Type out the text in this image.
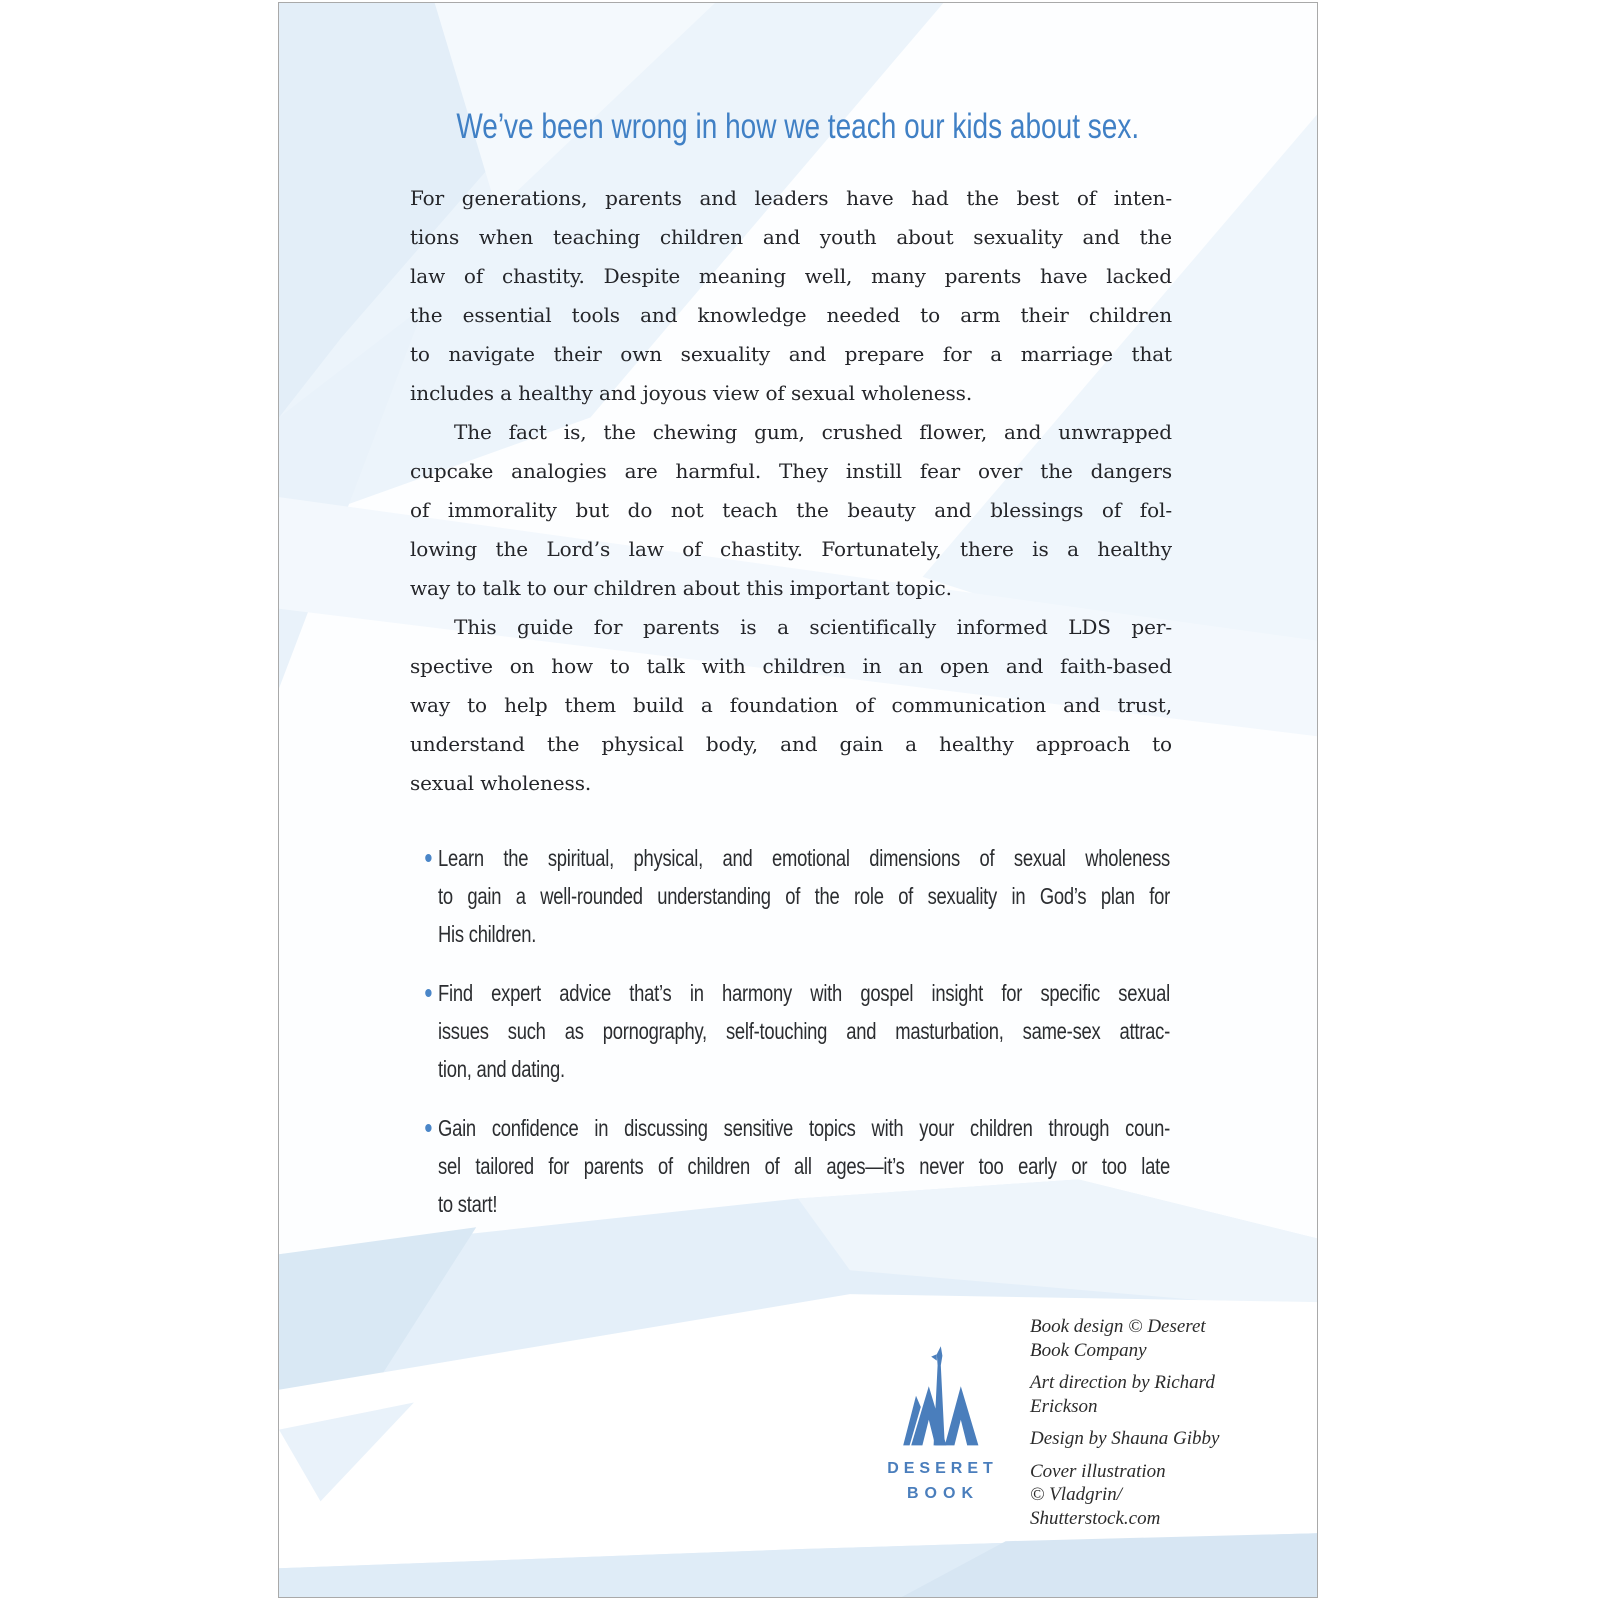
We’ve been wrong in how we teach our kids about sex.
For generations, parents and leaders have had the best of inten-
tions when teaching children and youth about sexuality and the
law of chastity. Despite meaning well, many parents have lacked
the essential tools and knowledge needed to arm their children
to navigate their own sexuality and prepare for a marriage that
includes a healthy and joyous view of sexual wholeness.
The fact is, the chewing gum, crushed flower, and unwrapped
cupcake analogies are harmful. They instill fear over the dangers
of immorality but do not teach the beauty and blessings of fol-
lowing the Lord’s law of chastity. Fortunately, there is a healthy
way to talk to our children about this important topic.
This guide for parents is a scientifically informed LDS per-
spective on how to talk with children in an open and faith-based
way to help them build a foundation of communication and trust,
understand the physical body, and gain a healthy approach to
sexual wholeness.
Learn the spiritual, physical, and emotional dimensions of sexual wholeness
to gain a well-rounded understanding of the role of sexuality in God’s plan for
His children.
Find expert advice that’s in harmony with gospel insight for specific sexual
issues such as pornography, self-touching and masturbation, same-sex attrac-
tion, and dating.
Gain confidence in discussing sensitive topics with your children through coun-
sel tailored for parents of children of all ages—it’s never too early or too late
to start!
DESERET
BOOK
Book design © Deseret
Book Company
Art direction by Richard
Erickson
Design by Shauna Gibby
Cover illustration
© Vladgrin/
Shutterstock.com
